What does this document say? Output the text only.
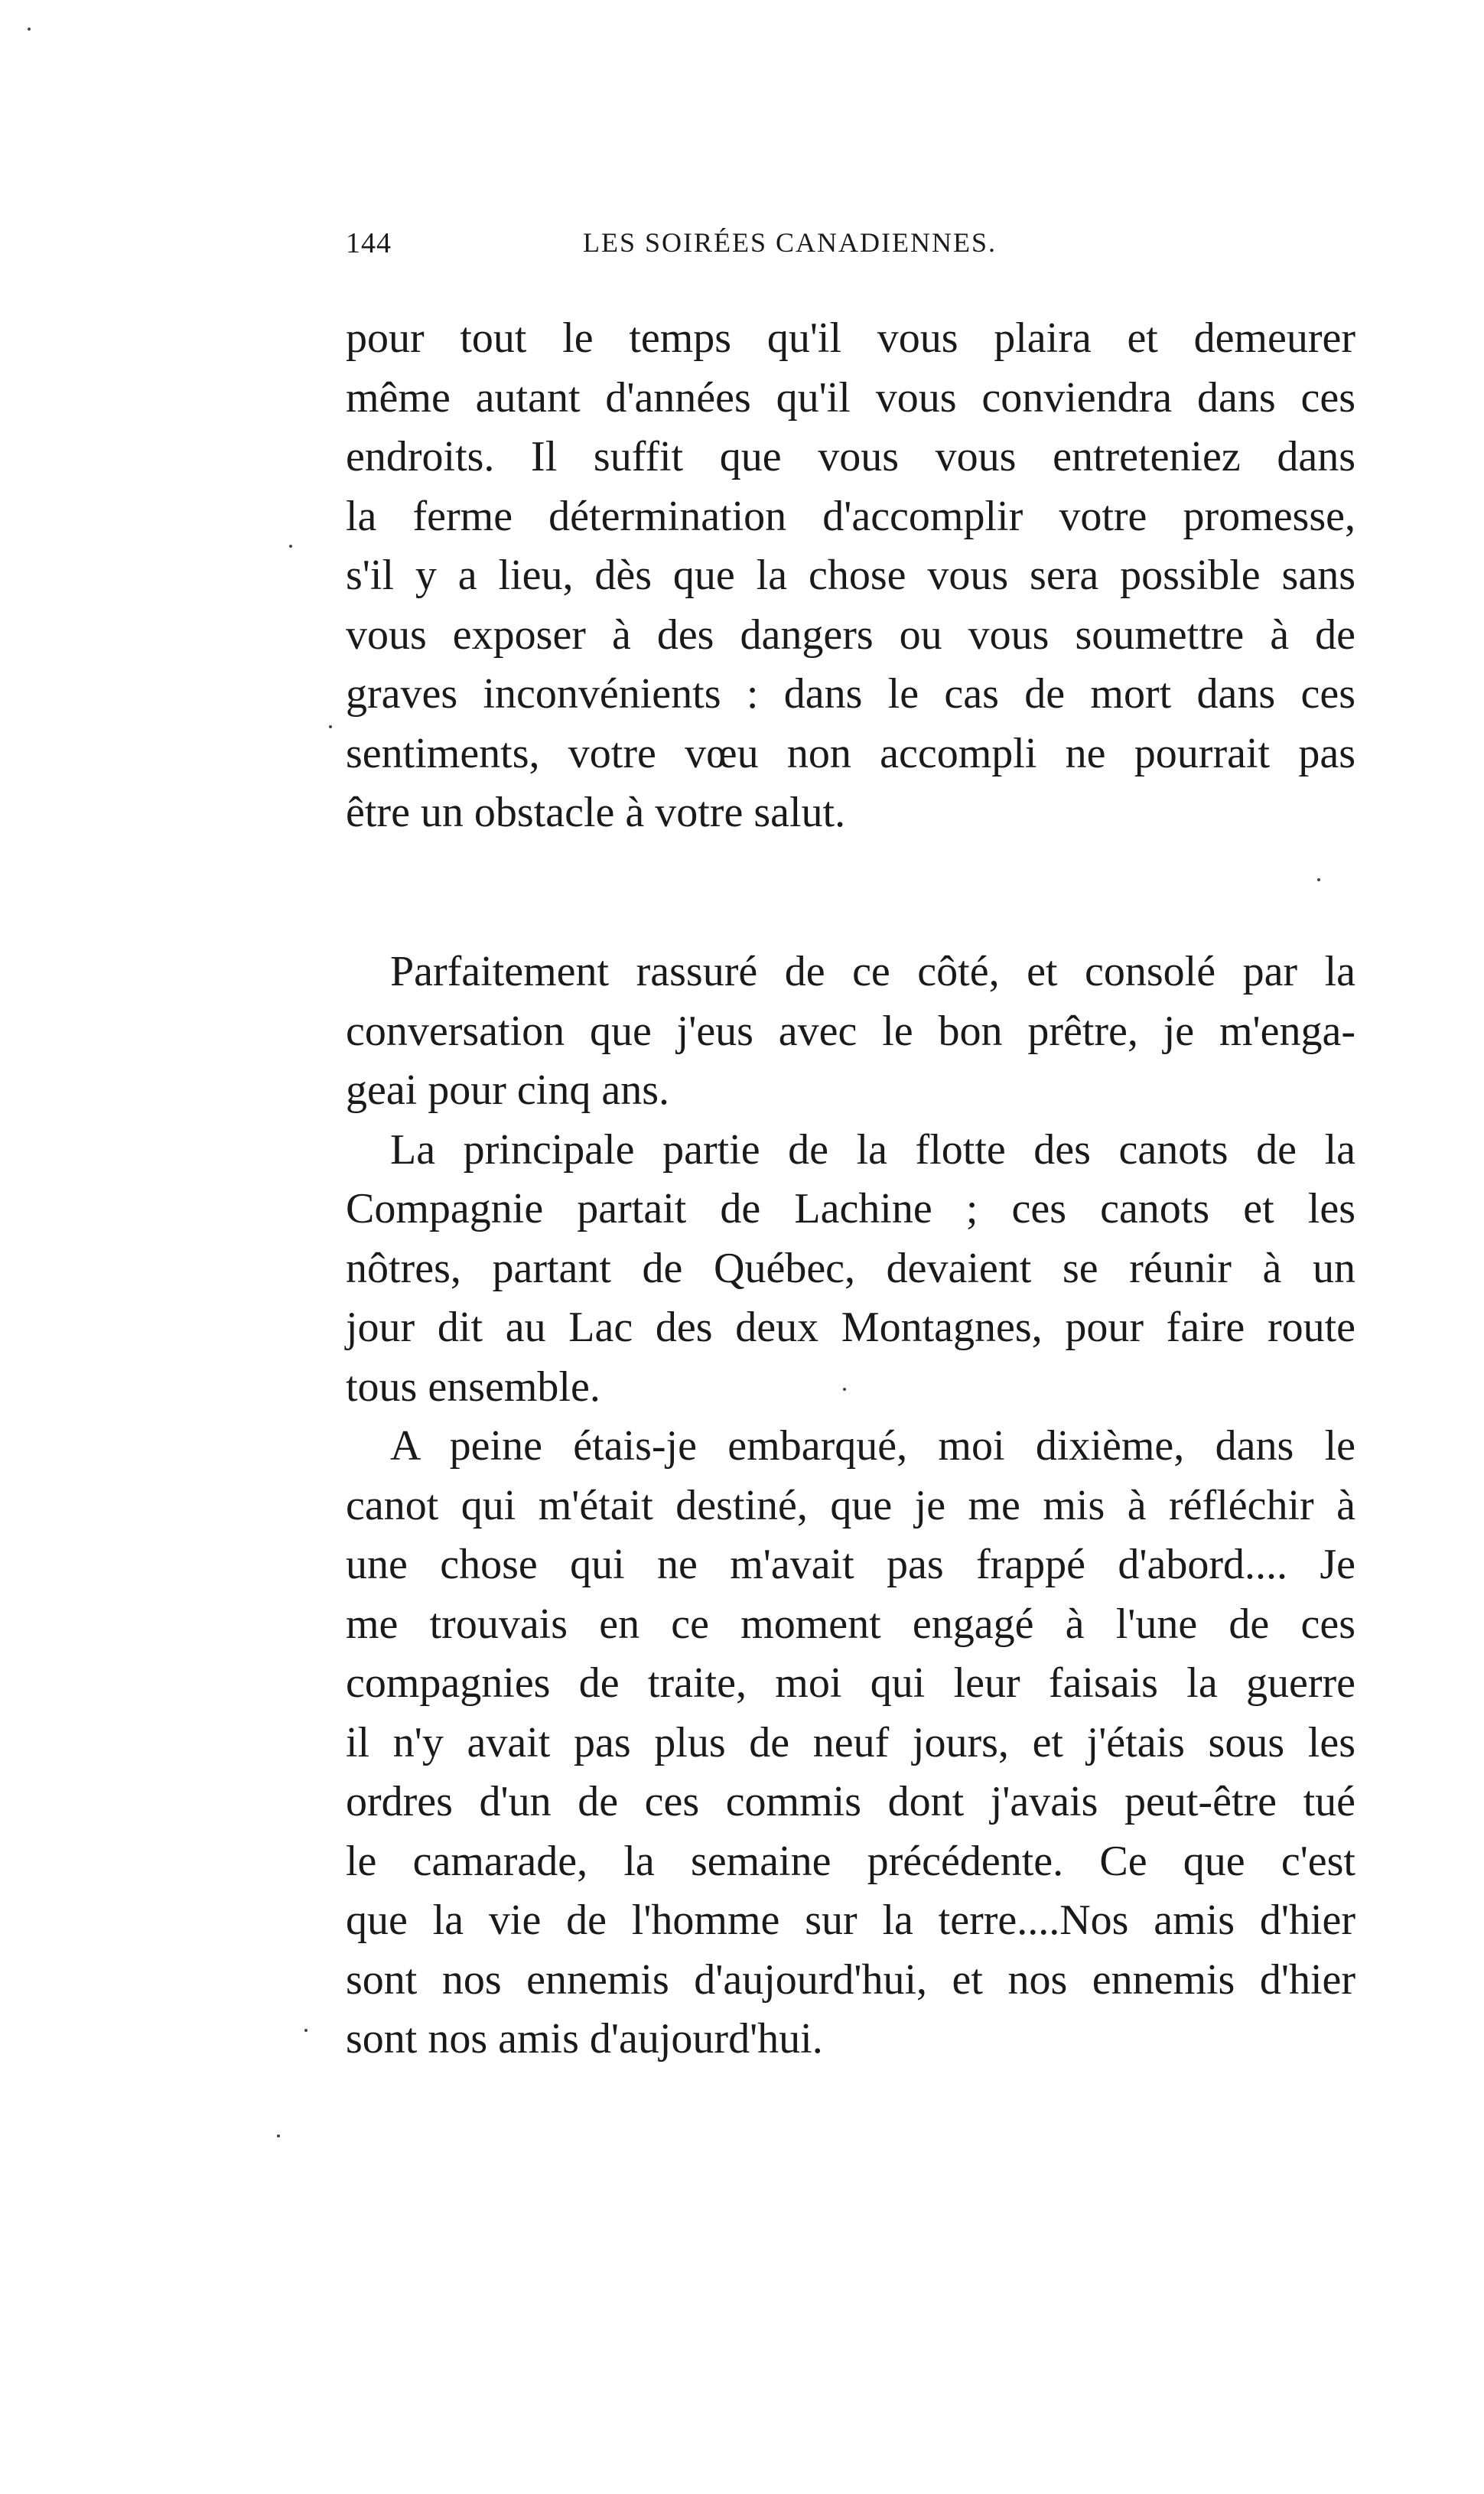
144	LES SOIRÉES CANADIENNES.
pour tout le temps qu'il vous plaira et demeurer
même autant d'années qu'il vous conviendra dans ces
endroits. Il suffit que vous vous entreteniez dans
la ferme détermination d'accomplir votre promesse,
s'il y a lieu, dès que la chose vous sera possible sans
vous exposer à des dangers ou vous soumettre à de
graves inconvénients : dans le cas de mort dans ces
sentiments, votre vœu non accompli ne pourrait pas
être un obstacle à votre salut.
Parfaitement rassuré de ce côté, et consolé par la
conversation que j'eus avec le bon prêtre, je m'enga-
geai pour cinq ans.
La principale partie de la flotte des canots de la
Compagnie partait de Lachine ; ces canots et les
nôtres, partant de Québec, devaient se réunir à un
jour dit au Lac des deux Montagnes, pour faire route
tous ensemble.
A peine étais-je embarqué, moi dixième, dans le
canot qui m'était destiné, que je me mis à réfléchir à
une chose qui ne m'avait pas frappé d'abord.... Je
me trouvais en ce moment engagé à l'une de ces
compagnies de traite, moi qui leur faisais la guerre
il n'y avait pas plus de neuf jours, et j'étais sous les
ordres d'un de ces commis dont j'avais peut-être tué
le camarade, la semaine précédente. Ce que c'est
que la vie de l'homme sur la terre....Nos amis d'hier
sont nos ennemis d'aujourd'hui, et nos ennemis d'hier
sont nos amis d'aujourd'hui.
